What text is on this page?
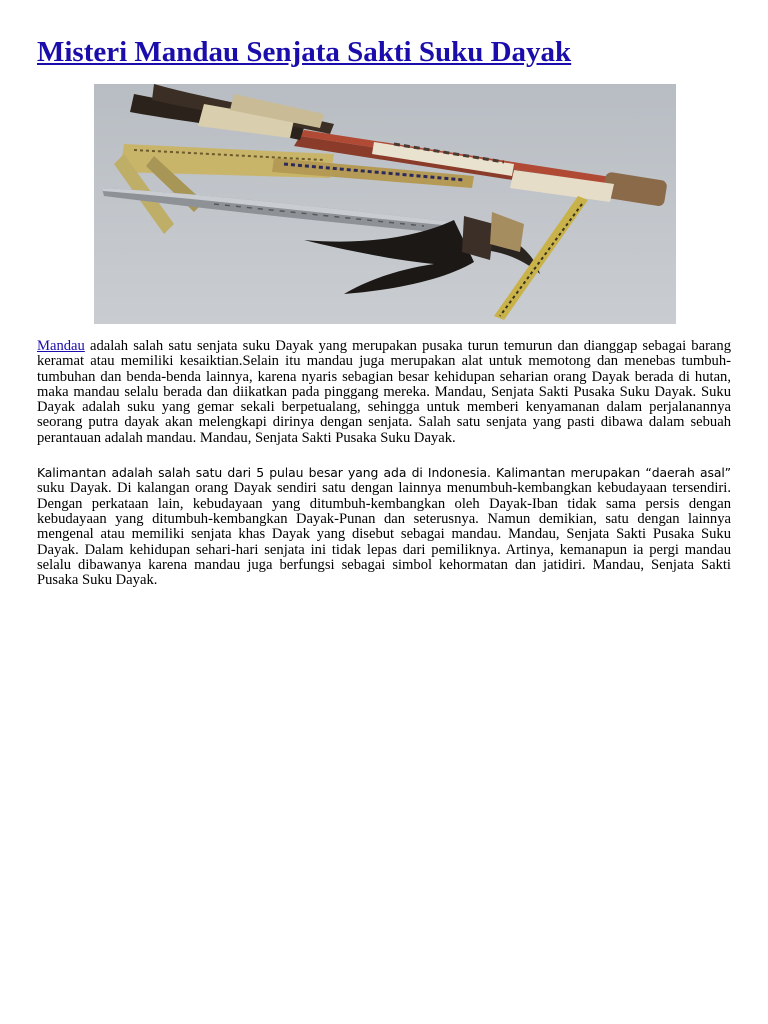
Misteri Mandau Senjata Sakti Suku Dayak

Mandau adalah salah satu senjata suku Dayak yang merupakan pusaka turun temurun dan dianggap sebagai barang keramat atau memiliki kesaiktian.Selain itu mandau juga merupakan alat untuk memotong dan menebas tumbuh-tumbuhan dan benda-benda lainnya, karena nyaris sebagian besar kehidupan seharian orang Dayak berada di hutan, maka mandau selalu berada dan diikatkan pada pinggang mereka. Mandau, Senjata Sakti Pusaka Suku Dayak. Suku Dayak adalah suku yang gemar sekali berpetualang, sehingga untuk memberi kenyamanan dalam perjalanannya seorang putra dayak akan melengkapi dirinya dengan senjata. Salah satu senjata yang pasti dibawa dalam sebuah perantauan adalah mandau. Mandau, Senjata Sakti Pusaka Suku Dayak.

Kalimantan adalah salah satu dari 5 pulau besar yang ada di Indonesia. Kalimantan merupakan “daerah asal” suku Dayak. Di kalangan orang Dayak sendiri satu dengan lainnya menumbuh-kembangkan kebudayaan tersendiri. Dengan perkataan lain, kebudayaan yang ditumbuh-kembangkan oleh Dayak-Iban tidak sama persis dengan kebudayaan yang ditumbuh-kembangkan Dayak-Punan dan seterusnya. Namun demikian, satu dengan lainnya mengenal atau memiliki senjata khas Dayak yang disebut sebagai mandau. Mandau, Senjata Sakti Pusaka Suku Dayak. Dalam kehidupan sehari-hari senjata ini tidak lepas dari pemiliknya. Artinya, kemanapun ia pergi mandau selalu dibawanya karena mandau juga berfungsi sebagai simbol kehormatan dan jatidiri. Mandau, Senjata Sakti Pusaka Suku Dayak.
